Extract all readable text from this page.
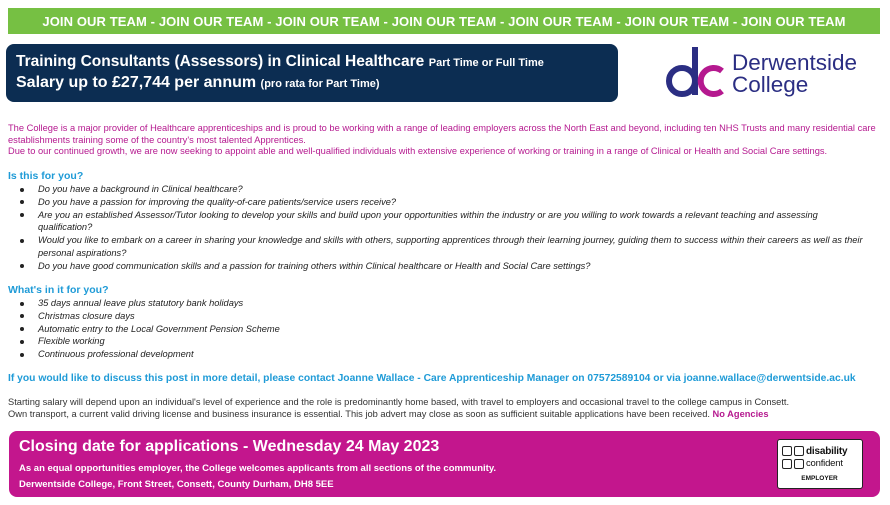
JOIN OUR TEAM - JOIN OUR TEAM - JOIN OUR TEAM - JOIN OUR TEAM - JOIN OUR TEAM - JOIN OUR TEAM - JOIN OUR TEAM
Training Consultants (Assessors) in Clinical Healthcare Part Time or Full Time
Salary up to £27,744 per annum (pro rata for Part Time)
Derwentside
College
The College is a major provider of Healthcare apprenticeships and is proud to be working with a range of leading employers across the North East and beyond, including ten NHS Trusts and many residential care establishments training some of the country's most talented Apprentices.
Due to our continued growth, we are now seeking to appoint able and well-qualified individuals with extensive experience of working or training in a range of Clinical or Health and Social Care settings.
Is this for you?
Do you have a background in Clinical healthcare?
Do you have a passion for improving the quality-of-care patients/service users receive?
Are you an established Assessor/Tutor looking to develop your skills and build upon your opportunities within the industry or are you willing to work towards a relevant teaching and assessing qualification?
Would you like to embark on a career in sharing your knowledge and skills with others, supporting apprentices through their learning journey, guiding them to success within their careers as well as their personal aspirations?
Do you have good communication skills and a passion for training others within Clinical healthcare or Health and Social Care settings?
What's in it for you?
35 days annual leave plus statutory bank holidays
Christmas closure days
Automatic entry to the Local Government Pension Scheme
Flexible working
Continuous professional development
If you would like to discuss this post in more detail, please contact Joanne Wallace - Care Apprenticeship Manager on 07572589104 or via joanne.wallace@derwentside.ac.uk
Starting salary will depend upon an individual's level of experience and the role is predominantly home based, with travel to employers and occasional travel to the college campus in Consett.
Own transport, a current valid driving license and business insurance is essential. This job advert may close as soon as sufficient suitable applications have been received. No Agencies
Closing date for applications - Wednesday 24 May 2023
As an equal opportunities employer, the College welcomes applicants from all sections of the community.
Derwentside College, Front Street, Consett, County Durham, DH8 5EE
disability
confident
EMPLOYER
